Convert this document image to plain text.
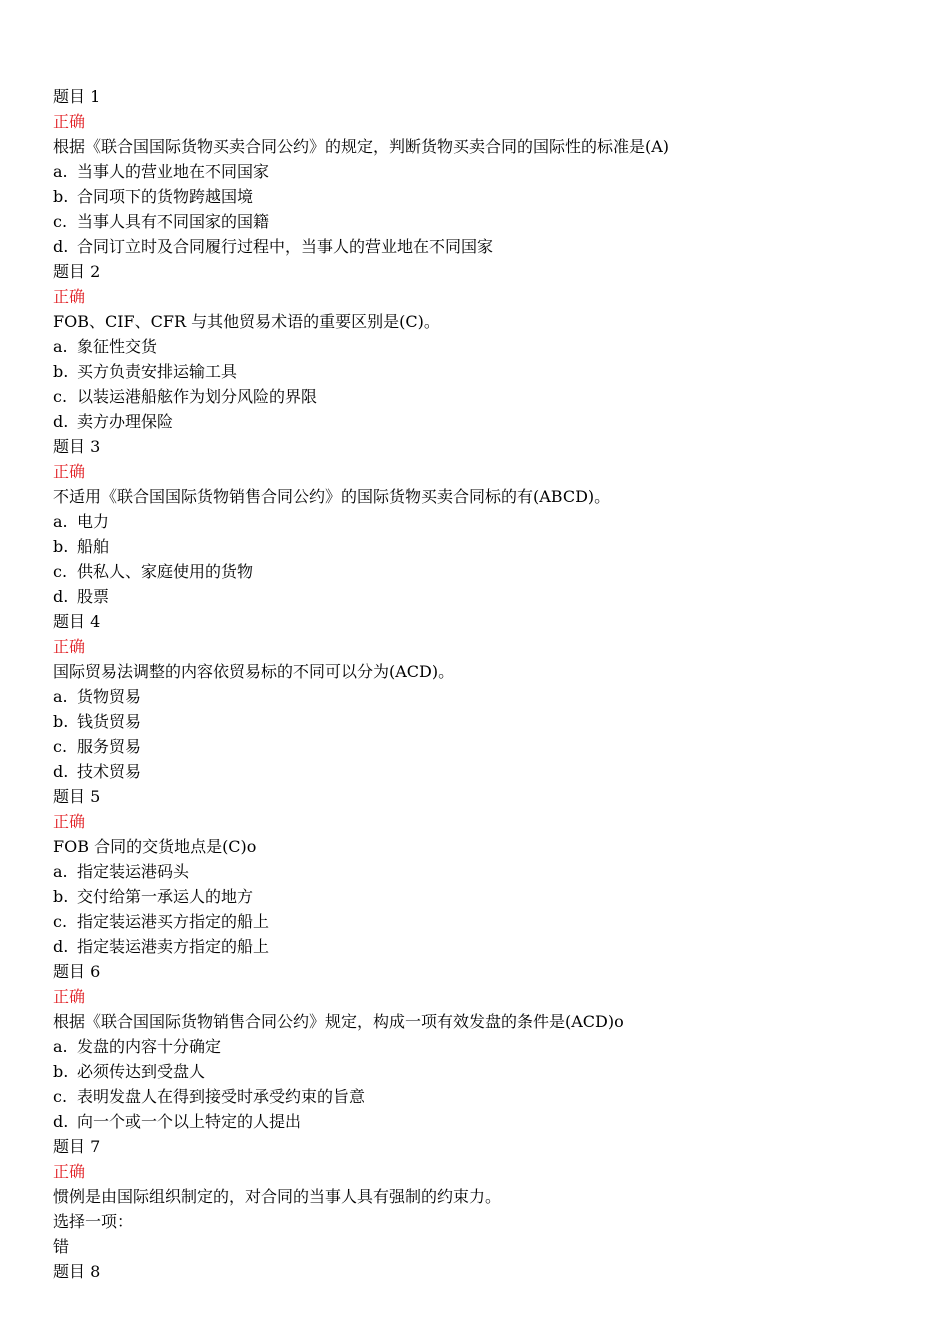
题目 1
正确
根据《联合国国际货物买卖合同公约》的规定，判断货物买卖合同的国际性的标准是(A)
a. 当事人的营业地在不同国家
b. 合同项下的货物跨越国境
c. 当事人具有不同国家的国籍
d. 合同订立时及合同履行过程中，当事人的营业地在不同国家
题目 2
正确
FOB、CIF、CFR 与其他贸易术语的重要区别是(C)。
a. 象征性交货
b. 买方负责安排运输工具
c. 以装运港船舷作为划分风险的界限
d. 卖方办理保险
题目 3
正确
不适用《联合国国际货物销售合同公约》的国际货物买卖合同标的有(ABCD)。
a. 电力
b. 船舶
c. 供私人、家庭使用的货物
d. 股票
题目 4
正确
国际贸易法调整的内容依贸易标的不同可以分为(ACD)。
a. 货物贸易
b. 钱货贸易
c. 服务贸易
d. 技术贸易
题目 5
正确
FOB 合同的交货地点是(C)o
a. 指定装运港码头
b. 交付给第一承运人的地方
c. 指定装运港买方指定的船上
d. 指定装运港卖方指定的船上
题目 6
正确
根据《联合国国际货物销售合同公约》规定，构成一项有效发盘的条件是(ACD)o
a. 发盘的内容十分确定
b. 必须传达到受盘人
c. 表明发盘人在得到接受时承受约束的旨意
d. 向一个或一个以上特定的人提出
题目 7
正确
惯例是由国际组织制定的，对合同的当事人具有强制的约束力。
选择一项：
错
题目 8
